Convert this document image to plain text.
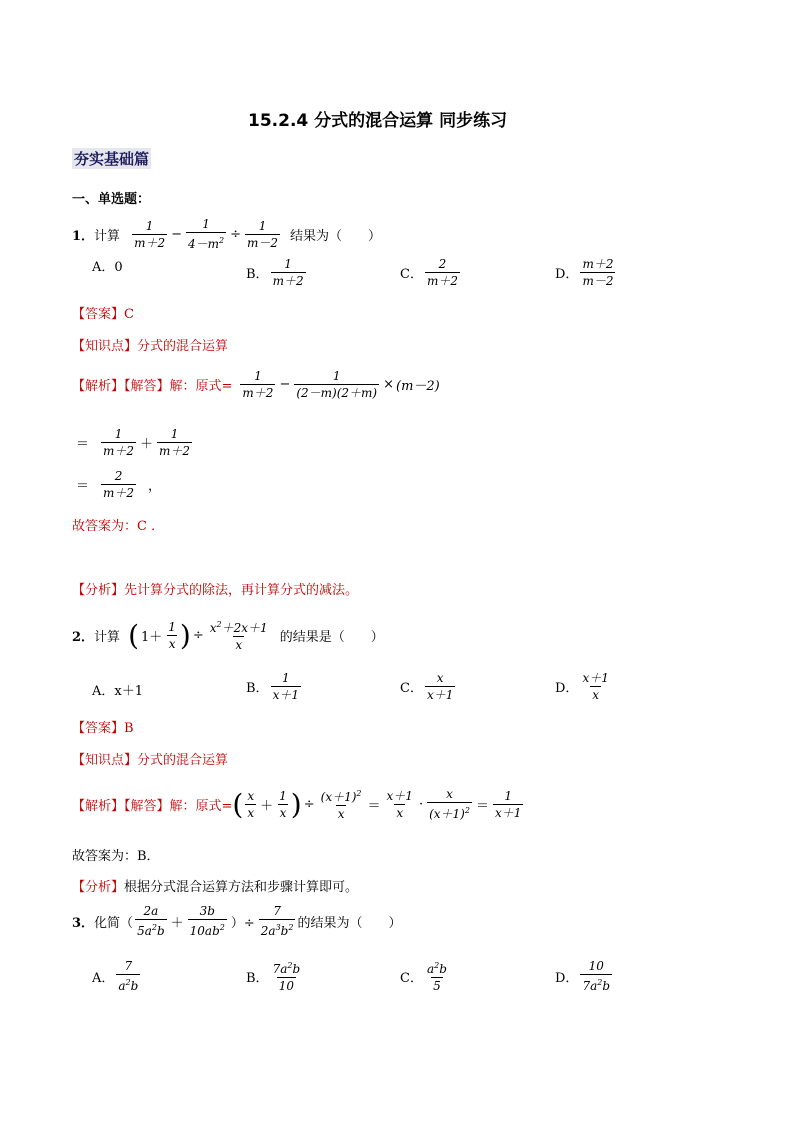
15.2.4 分式的混合运算 同步练习
夯实基础篇
一、单选题：
1． 计算 $\frac{1}{m+2} - \frac{1}{4-m^2} \div \frac{1}{m-2}$ 结果为（　　）
A．0	B． $\frac{1}{m+2}$	C． $\frac{2}{m+2}$	D． $\frac{m+2}{m-2}$
【答案】C
【知识点】分式的混合运算
【解析】【解答】 解：原式= $\frac{1}{m+2} - \frac{1}{(2-m)(2+m)} \times (m-2)$
＝ $\frac{1}{m+2} + \frac{1}{m+2}$
＝ $\frac{2}{m+2}$ ，
故答案为：C ．
【分析】先计算分式的除法，再计算分式的减法。
2． 计算 ( $1+ \frac{1}{x}$ ) ÷ $\frac{x^2+2x+1}{x}$ 的结果是（　　）
A．x＋1	B． $\frac{1}{x+1}$	C． $\frac{x}{x+1}$	D． $\frac{x+1}{x}$
【答案】B
【知识点】分式的混合运算
【解析】【解答】 解：原式= ( $\frac{x}{x} + \frac{1}{x}$ ) ÷ $\frac{(x+1)^2}{x} = \frac{x+1}{x} \cdot \frac{x}{(x+1)^2} = \frac{1}{x+1}$
故答案为：B．
【分析】根据分式混合运算方法和步骤计算即可。
3． 化简（ $\frac{2a}{5a^2b} + \frac{3b}{10ab^2}$ ）÷ $\frac{7}{2a^3b^2}$ 的结果为（　　）
A． $\frac{7}{a^2b}$	B． $\frac{7a^2b}{10}$	C． $\frac{a^2b}{5}$	D． $\frac{10}{7a^2b}$
